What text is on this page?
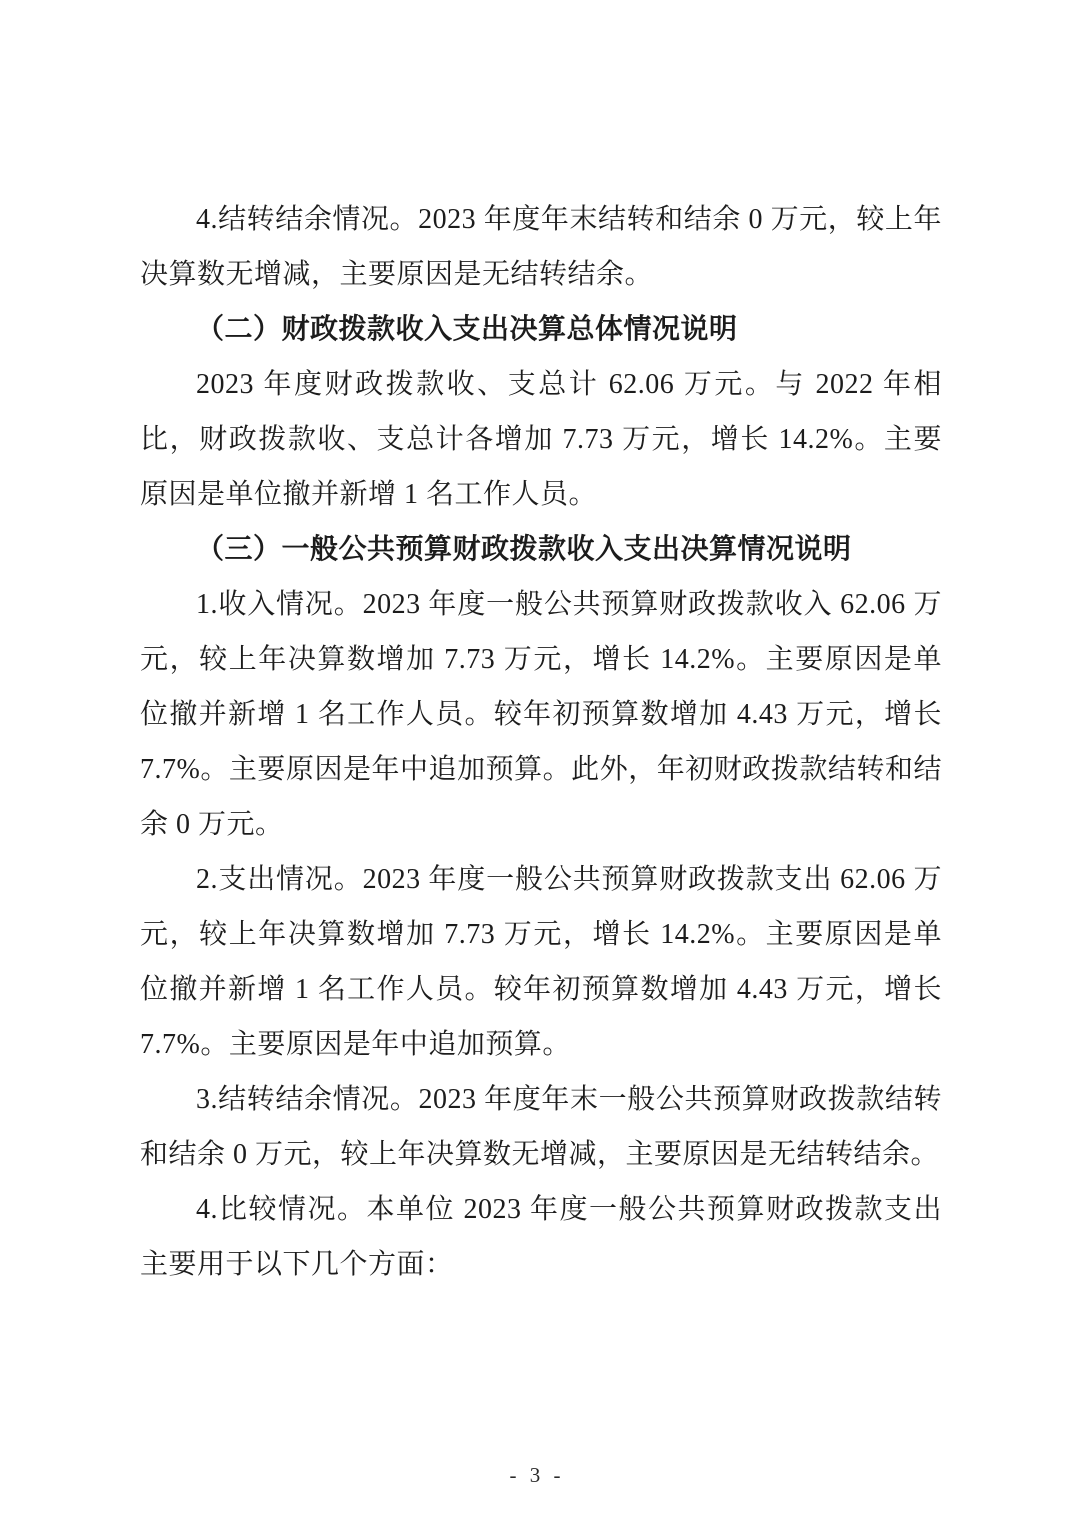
4.结转结余情况。2023 年度年末结转和结余 0 万元，较上年决算数无增减，主要原因是无结转结余。

（二）财政拨款收入支出决算总体情况说明

2023 年度财政拨款收、支总计 62.06 万元。与 2022 年相比，财政拨款收、支总计各增加 7.73 万元，增长 14.2%。主要原因是单位撤并新增 1 名工作人员。

（三）一般公共预算财政拨款收入支出决算情况说明

1.收入情况。2023 年度一般公共预算财政拨款收入 62.06 万元，较上年决算数增加 7.73 万元，增长 14.2%。主要原因是单位撤并新增 1 名工作人员。较年初预算数增加 4.43 万元，增长 7.7%。主要原因是年中追加预算。此外，年初财政拨款结转和结余 0 万元。

2.支出情况。2023 年度一般公共预算财政拨款支出 62.06 万元，较上年决算数增加 7.73 万元，增长 14.2%。主要原因是单位撤并新增 1 名工作人员。较年初预算数增加 4.43 万元，增长 7.7%。主要原因是年中追加预算。

3.结转结余情况。2023 年度年末一般公共预算财政拨款结转和结余 0 万元，较上年决算数无增减，主要原因是无结转结余。

4.比较情况。本单位 2023 年度一般公共预算财政拨款支出主要用于以下几个方面：

- 3 -
